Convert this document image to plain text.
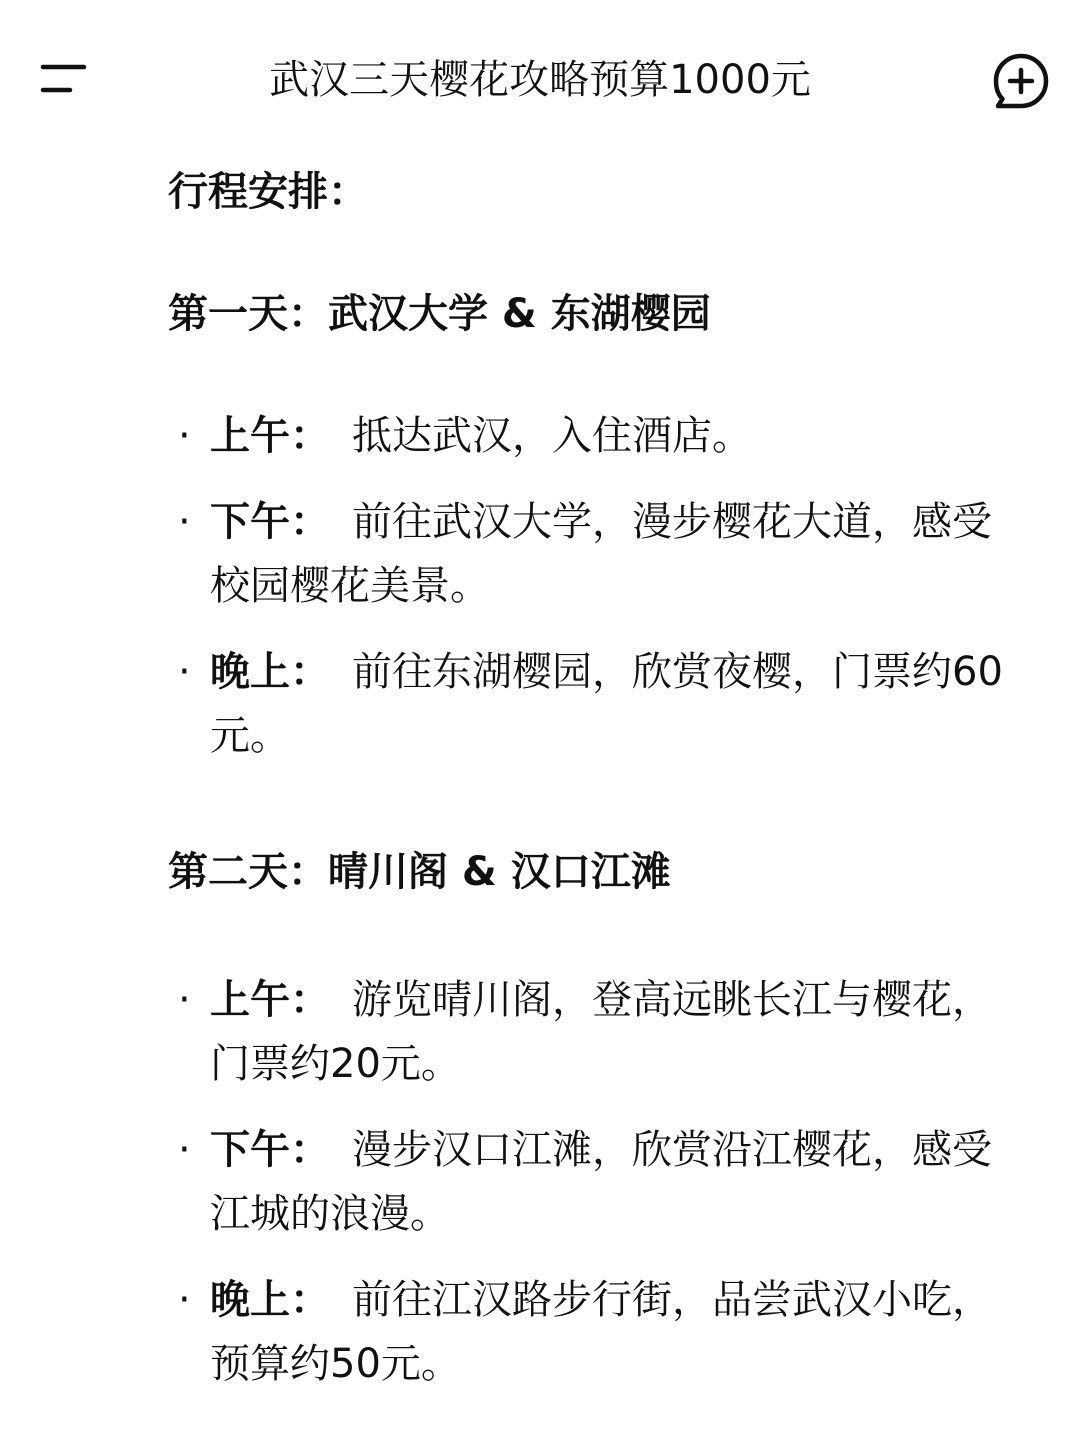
武汉三天樱花攻略预算1000元

行程安排：

第一天：武汉大学 & 东湖樱园

· 上午： 抵达武汉，入住酒店。
· 下午： 前往武汉大学，漫步樱花大道，感受校园樱花美景。
· 晚上： 前往东湖樱园，欣赏夜樱，门票约60元。

第二天：晴川阁 & 汉口江滩

· 上午： 游览晴川阁，登高远眺长江与樱花，门票约20元。
· 下午： 漫步汉口江滩，欣赏沿江樱花，感受江城的浪漫。
· 晚上： 前往江汉路步行街，品尝武汉小吃，预算约50元。
